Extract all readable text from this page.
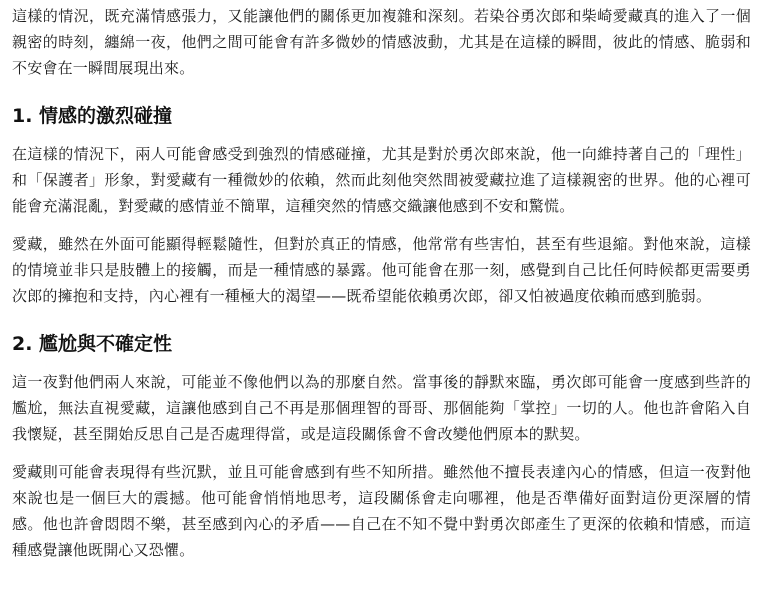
這樣的情況，既充滿情感張力，又能讓他們的關係更加複雜和深刻。若染谷勇次郎和柴崎愛藏真的進入了一個親密的時刻，纏綿一夜，他們之間可能會有許多微妙的情感波動，尤其是在這樣的瞬間，彼此的情感、脆弱和不安會在一瞬間展現出來。

1. 情感的激烈碰撞

在這樣的情況下，兩人可能會感受到強烈的情感碰撞，尤其是對於勇次郎來說，他一向維持著自己的「理性」和「保護者」形象，對愛藏有一種微妙的依賴，然而此刻他突然間被愛藏拉進了這樣親密的世界。他的心裡可能會充滿混亂，對愛藏的感情並不簡單，這種突然的情感交織讓他感到不安和驚慌。

愛藏，雖然在外面可能顯得輕鬆隨性，但對於真正的情感，他常常有些害怕，甚至有些退縮。對他來說，這樣的情境並非只是肢體上的接觸，而是一種情感的暴露。他可能會在那一刻，感覺到自己比任何時候都更需要勇次郎的擁抱和支持，內心裡有一種極大的渴望——既希望能依賴勇次郎，卻又怕被過度依賴而感到脆弱。

2. 尷尬與不確定性

這一夜對他們兩人來說，可能並不像他們以為的那麼自然。當事後的靜默來臨，勇次郎可能會一度感到些許的尷尬，無法直視愛藏，這讓他感到自己不再是那個理智的哥哥、那個能夠「掌控」一切的人。他也許會陷入自我懷疑，甚至開始反思自己是否處理得當，或是這段關係會不會改變他們原本的默契。

愛藏則可能會表現得有些沉默，並且可能會感到有些不知所措。雖然他不擅長表達內心的情感，但這一夜對他來說也是一個巨大的震撼。他可能會悄悄地思考，這段關係會走向哪裡，他是否準備好面對這份更深層的情感。他也許會悶悶不樂，甚至感到內心的矛盾——自己在不知不覺中對勇次郎產生了更深的依賴和情感，而這種感覺讓他既開心又恐懼。
